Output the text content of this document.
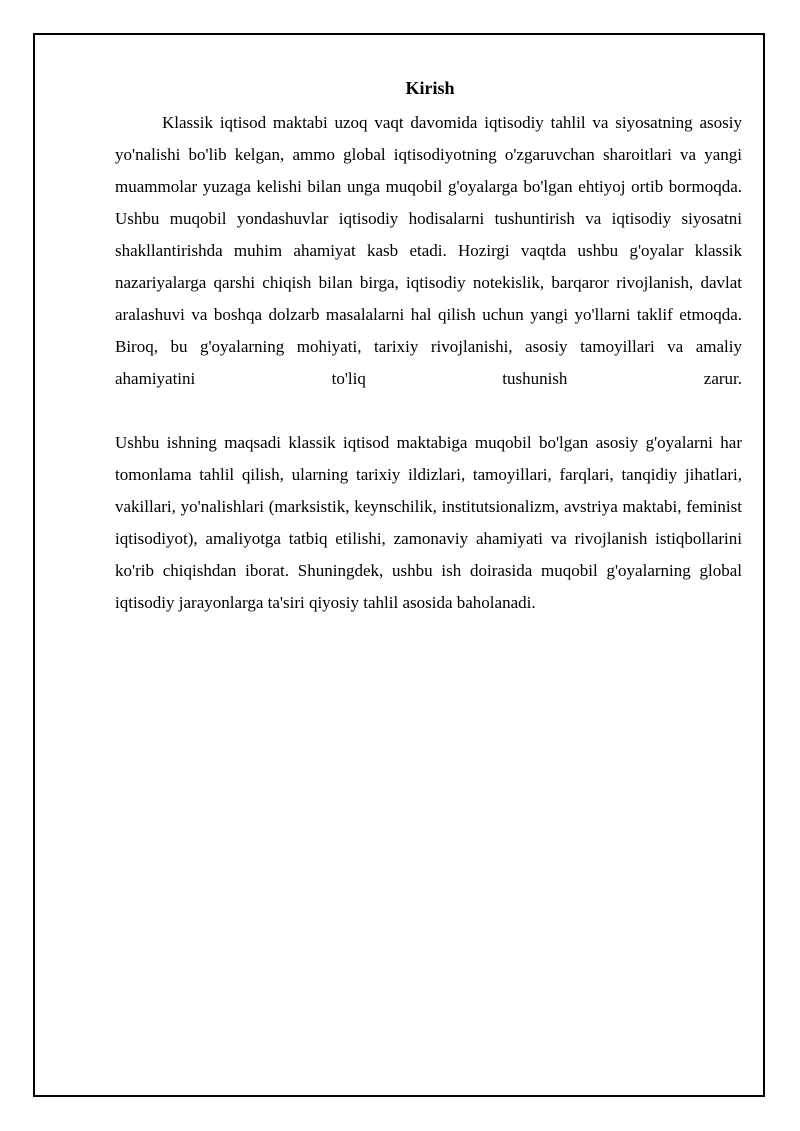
Kirish

Klassik iqtisod maktabi uzoq vaqt davomida iqtisodiy tahlil va siyosatning asosiy yo'nalishi bo'lib kelgan, ammo global iqtisodiyotning o'zgaruvchan sharoitlari va yangi muammolar yuzaga kelishi bilan unga muqobil g'oyalarga bo'lgan ehtiyoj ortib bormoqda. Ushbu muqobil yondashuvlar iqtisodiy hodisalarni tushuntirish va iqtisodiy siyosatni shakllantirishda muhim ahamiyat kasb etadi. Hozirgi vaqtda ushbu g'oyalar klassik nazariyalarga qarshi chiqish bilan birga, iqtisodiy notekislik, barqaror rivojlanish, davlat aralashuvi va boshqa dolzarb masalalarni hal qilish uchun yangi yo'llarni taklif etmoqda. Biroq, bu g'oyalarning mohiyati, tarixiy rivojlanishi, asosiy tamoyillari va amaliy ahamiyatini to'liq tushunish zarur.

Ushbu ishning maqsadi klassik iqtisod maktabiga muqobil bo'lgan asosiy g'oyalarni har tomonlama tahlil qilish, ularning tarixiy ildizlari, tamoyillari, farqlari, tanqidiy jihatlari, vakillari, yo'nalishlari (marksistik, keynschilik, institutsionalizm, avstriya maktabi, feminist iqtisodiyot), amaliyotga tatbiq etilishi, zamonaviy ahamiyati va rivojlanish istiqbollarini ko'rib chiqishdan iborat. Shuningdek, ushbu ish doirasida muqobil g'oyalarning global iqtisodiy jarayonlarga ta'siri qiyosiy tahlil asosida baholanadi.
